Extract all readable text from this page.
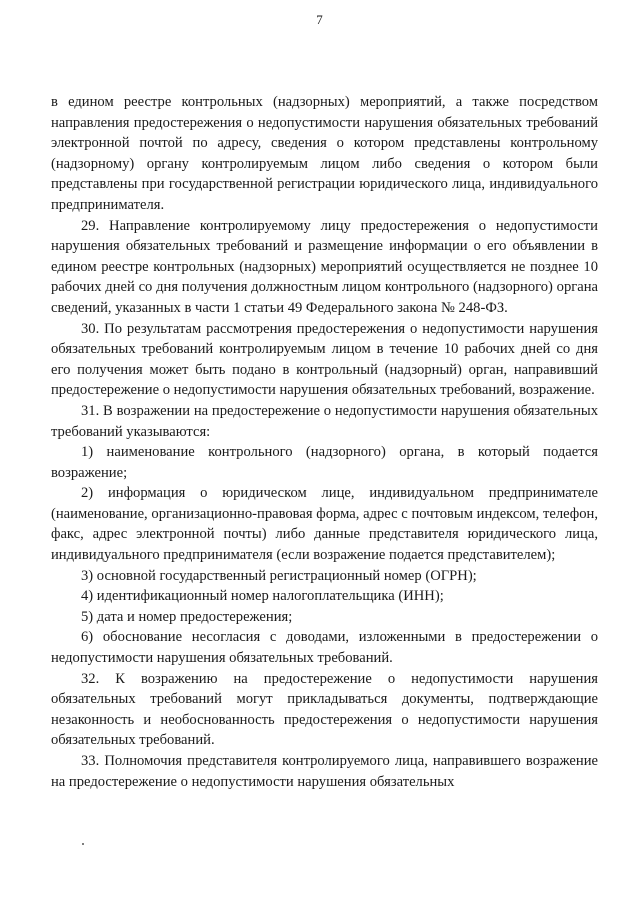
7

в едином реестре контрольных (надзорных) мероприятий, а также посредством направления предостережения о недопустимости нарушения обязательных требований электронной почтой по адресу, сведения о котором представлены контрольному (надзорному) органу контролируемым лицом либо сведения о котором были представлены при государственной регистрации юридического лица, индивидуального предпринимателя.

29. Направление контролируемому лицу предостережения о недопустимости нарушения обязательных требований и размещение информации о его объявлении в едином реестре контрольных (надзорных) мероприятий осуществляется не позднее 10 рабочих дней со дня получения должностным лицом контрольного (надзорного) органа сведений, указанных в части 1 статьи 49 Федерального закона № 248-ФЗ.

30. По результатам рассмотрения предостережения о недопустимости нарушения обязательных требований контролируемым лицом в течение 10 рабочих дней со дня его получения может быть подано в контрольный (надзорный) орган, направивший предостережение о недопустимости нарушения обязательных требований, возражение.

31. В возражении на предостережение о недопустимости нарушения обязательных требований указываются:

1) наименование контрольного (надзорного) органа, в который подается возражение;

2) информация о юридическом лице, индивидуальном предпринимателе (наименование, организационно-правовая форма, адрес с почтовым индексом, телефон, факс, адрес электронной почты) либо данные представителя юридического лица, индивидуального предпринимателя (если возражение подается представителем);

3) основной государственный регистрационный номер (ОГРН);

4) идентификационный номер налогоплательщика (ИНН);

5) дата и номер предостережения;

6) обоснование несогласия с доводами, изложенными в предостережении о недопустимости нарушения обязательных требований.

32. К возражению на предостережение о недопустимости нарушения обязательных требований могут прикладываться документы, подтверждающие незаконность и необоснованность предостережения о недопустимости нарушения обязательных требований.

33. Полномочия представителя контролируемого лица, направившего возражение на предостережение о недопустимости нарушения обязательных
